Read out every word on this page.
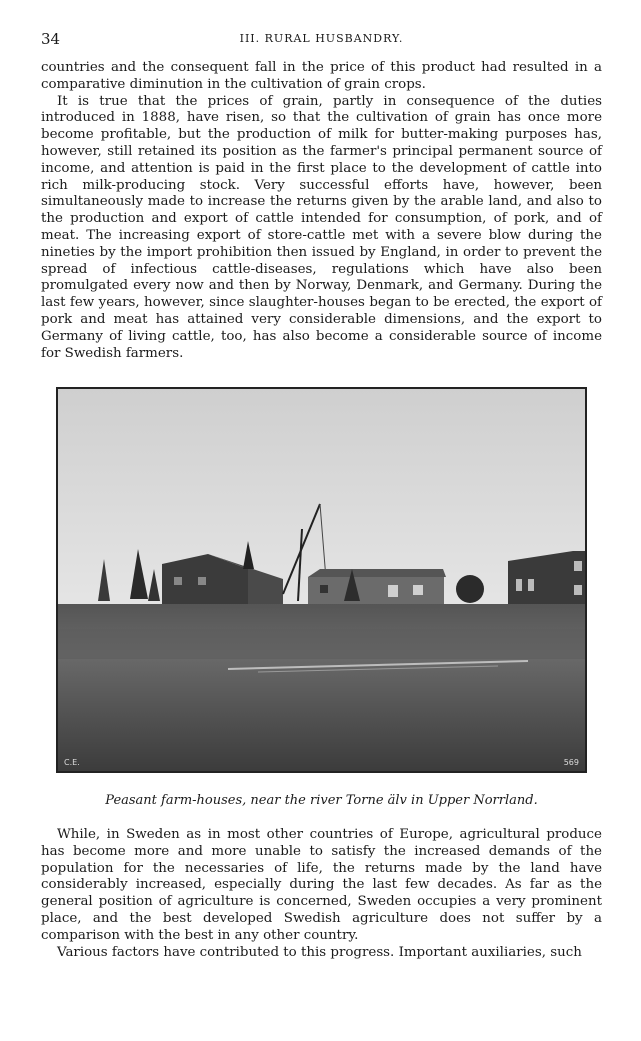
34	III. RURAL HUSBANDRY.

countries and the consequent fall in the price of this product had resulted in a comparative diminution in the cultivation of grain crops.

It is true that the prices of grain, partly in consequence of the duties introduced in 1888, have risen, so that the cultivation of grain has once more become profitable, but the production of milk for butter-making purposes has, however, still retained its position as the farmer's principal permanent source of income, and attention is paid in the first place to the development of cattle into rich milk-producing stock. Very successful efforts have, however, been simultaneously made to increase the returns given by the arable land, and also to the production and export of cattle intended for consumption, of pork, and of meat. The increasing export of store-cattle met with a severe blow during the nineties by the import prohibition then issued by England, in order to prevent the spread of infectious cattle-diseases, regulations which have also been promulgated every now and then by Norway, Denmark, and Germany. During the last few years, however, since slaughter-houses began to be erected, the export of pork and meat has attained very considerable dimensions, and the export to Germany of living cattle, too, has also become a considerable source of income for Swedish farmers.

C.E.	569
Peasant farm-houses, near the river Torne älv in Upper Norrland.

While, in Sweden as in most other countries of Europe, agricultural produce has become more and more unable to satisfy the increased demands of the population for the necessaries of life, the returns made by the land have considerably increased, especially during the last few decades. As far as the general position of agriculture is concerned, Sweden occupies a very prominent place, and the best developed Swedish agriculture does not suffer by a comparison with the best in any other country.

Various factors have contributed to this progress. Important auxiliaries, such
